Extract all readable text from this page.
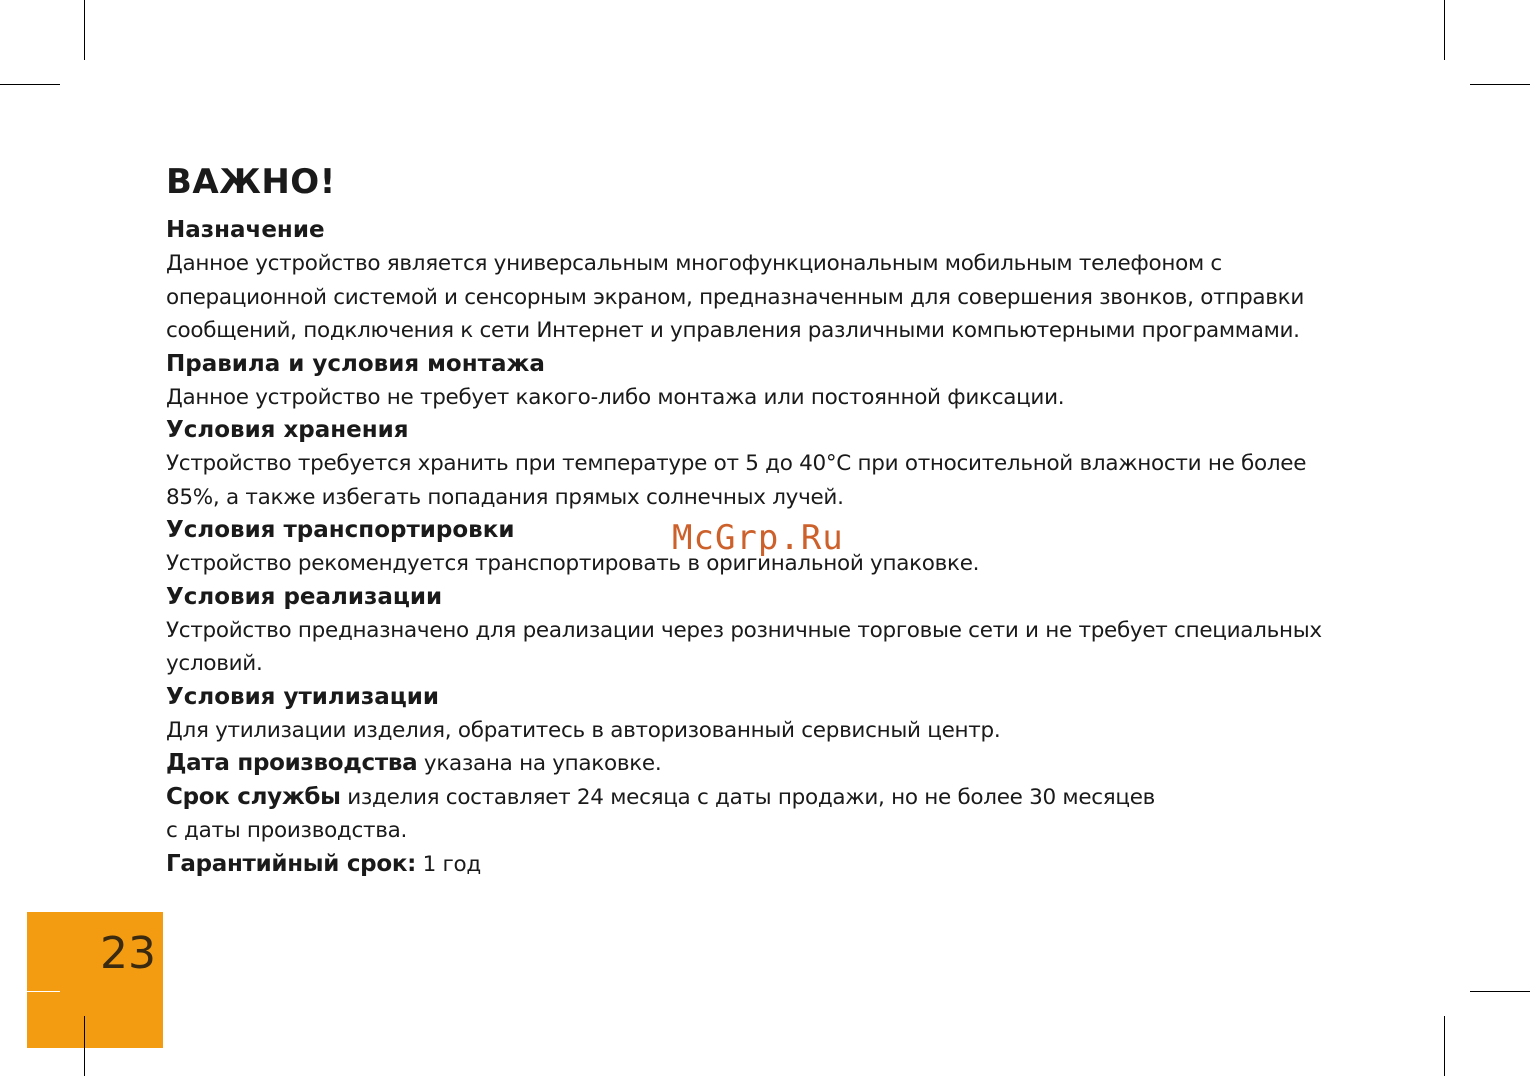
ВАЖНО!
Назначение
Данное устройство является универсальным многофункциональным мобильным телефоном с
операционной системой и сенсорным экраном, предназначенным для совершения звонков, отправки
сообщений, подключения к сети Интернет и управления различными компьютерными программами.
Правила и условия монтажа
Данное устройство не требует какого-либо монтажа или постоянной фиксации.
Условия хранения
Устройство требуется хранить при температуре от 5 до 40°С при относительной влажности не более
85%, а также избегать попадания прямых солнечных лучей.
Условия транспортировки
Устройство рекомендуется транспортировать в оригинальной упаковке.
Условия реализации
Устройство предназначено для реализации через розничные торговые сети и не требует специальных
условий.
Условия утилизации
Для утилизации изделия, обратитесь в авторизованный сервисный центр.
Дата производства указана на упаковке.
Срок службы изделия составляет 24 месяца с даты продажи, но не более 30 месяцев
с даты производства.
Гарантийный срок: 1 год
McGrp.Ru
23
